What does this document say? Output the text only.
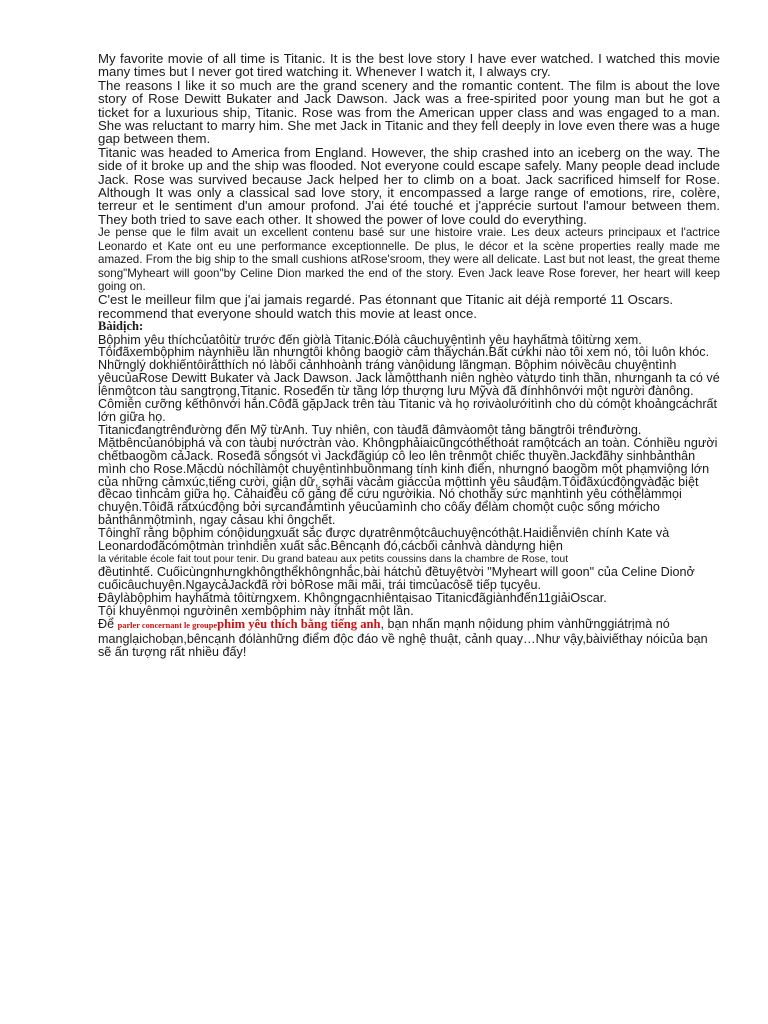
My favorite movie of all time is Titanic. It is the best love story I have ever watched. I watched this movie many times but I never got tired watching it. Whenever I watch it, I always cry.

The reasons I like it so much are the grand scenery and the romantic content. The film is about the love story of Rose Dewitt Bukater and Jack Dawson. Jack was a free-spirited poor young man but he got a ticket for a luxurious ship, Titanic. Rose was from the American upper class and was engaged to a man. She was reluctant to marry him. She met Jack in Titanic and they fell deeply in love even there was a huge gap between them.

Titanic was headed to America from England. However, the ship crashed into an iceberg on the way. The side of it broke up and the ship was flooded. Not everyone could escape safely. Many people dead include Jack. Rose was survived because Jack helped her to climb on a boat. Jack sacrificed himself for Rose. Although It was only a classical sad love story, it encompassed a large range of emotions, rire, colère, terreur et le sentiment d'un amour profond. J'ai été touché et j'apprécie surtout l'amour between them. They both tried to save each other. It showed the power of love could do everything.

Je pense que le film avait un excellent contenu basé sur une histoire vraie. Les deux acteurs principaux et l'actrice Leonardo et Kate ont eu une performance exceptionnelle. De plus, le décor et la scène properties really made me amazed. From the big ship to the small cushions atRose'sroom, they were all delicate. Last but not least, the great theme song"Myheart will goon"by Celine Dion marked the end of the story. Even Jack leave Rose forever, her heart will keep going on.

C'est le meilleur film que j'ai jamais regardé. Pas étonnant que Titanic ait déjà remporté 11 Oscars. recommend that everyone should watch this movie at least once.

Bàidịch:

Bộphim yêu thíchcủatôitừ trước đến giờlà Titanic.Đólà câuchuyệntình yêu hayhấtmà tôitừng xem. Tôiđãxembộphim nàynhiều lần nhưngtôi không baogiờ cảm thấychán.Bất cứkhi nào tôi xem nó, tôi luôn khóc.

Nhữnglý dokhiếntôirấtthích nó làbối cảnhhoành tráng vànộidung lãngmạn. Bộphim nóivềcâu chuyệntình yêucủaRose Dewitt Bukater và Jack Dawson. Jack làmộtthanh niên nghèo vàtựdo tinh thần, nhưnganh ta có vé lênmộtcon tàu sangtrọng,Titanic. Roseđến từ tầng lớp thượng lưu Mỹvà đã đínhhônvới một người đànông. Cômiễn cưỡng kếthônvới hắn.Côđã gặpJack trên tàu Titanic và họ rơivàolướitình cho dù cómột khoảngcáchrất lớn giữa họ.

Titanicđangtrênđường đến Mỹ từAnh. Tuy nhiên, con tàuđã đâmvàomột tảng băngtrôi trênđường. Mặtbêncủanóbịphá và con tàubị nướctràn vào. Khôngphảiaicũngcóthểthoát ramộtcách an toàn. Cónhiều người chếtbaogồm cảJack. Roseđã sốngsót vì Jackđãgiúp cô leo lên trênmột chiếc thuyền.Jackđãhy sinhbảnthân mình cho Rose.Mặcdù nóchỉlàmột chuyệntìnhbuồnmang tính kinh điển, nhưngnó baogồm một phạmviộng lớn của những cảmxúc,tiếng cười, giận dữ, sợhãi vàcảm giáccủa mộttình yêu sâuđậm.Tôiđãxúcđộngvàđặc biệt đềcao tìnhcảm giữa họ. Cảhaiđều cố gắng để cứu ngườikia. Nó chothấy sức mạnhtình yêu cóthểlàmmọi chuyện.Tôiđã rấtxúcđộng bởi sựcanđảmtình yêucủamình cho côấy đểlàm chomột cuộc sống mớicho bảnthânmộtmình, ngay cảsau khi ôngchết.

Tôinghĩ rằng bộphim cónộidungxuất sắc được dựatrênmộtcâuchuyệncóthật.Haidiễnviên chính Kate và Leonardođãcómộtmàn trìnhdiễn xuất sắc.Bêncạnh đó,cácbối cảnhvà dàndựng hiện

la véritable école fait tout pour tenir. Du grand bateau aux petits coussins dans la chambre de Rose, tout

đềutinhtế. Cuốicùngnhưngkhôngthểkhôngnhắc,bài hátchủ đềtuyệtvời "Myheart will goon" của Celine Dionở cuốicâuchuyện.NgaycảJackđã rời bỏRose mãi mãi, trái timcủacôsẽ tiếp tụcyêu.

Đâylàbộphim hayhấtmà tôitừngxem. Khôngngạcnhiêntạisao Titanicđãgiànhđến11giảiOscar.

Tội khuyênmọi ngườinên xembộphim này ítnhất một lần.

Để parler concernant le groupephim yêu thích bằng tiếng anh, bạn nhấn mạnh nộidung phim vànhữnggiátrịmà nó manglạichobạn,bêncạnh đólànhững điểm độc đáo về nghệ thuật, cảnh quay…Như vậy,bàiviếthay nóicủa bạn sẽ ấn tượng rất nhiều đấy!
